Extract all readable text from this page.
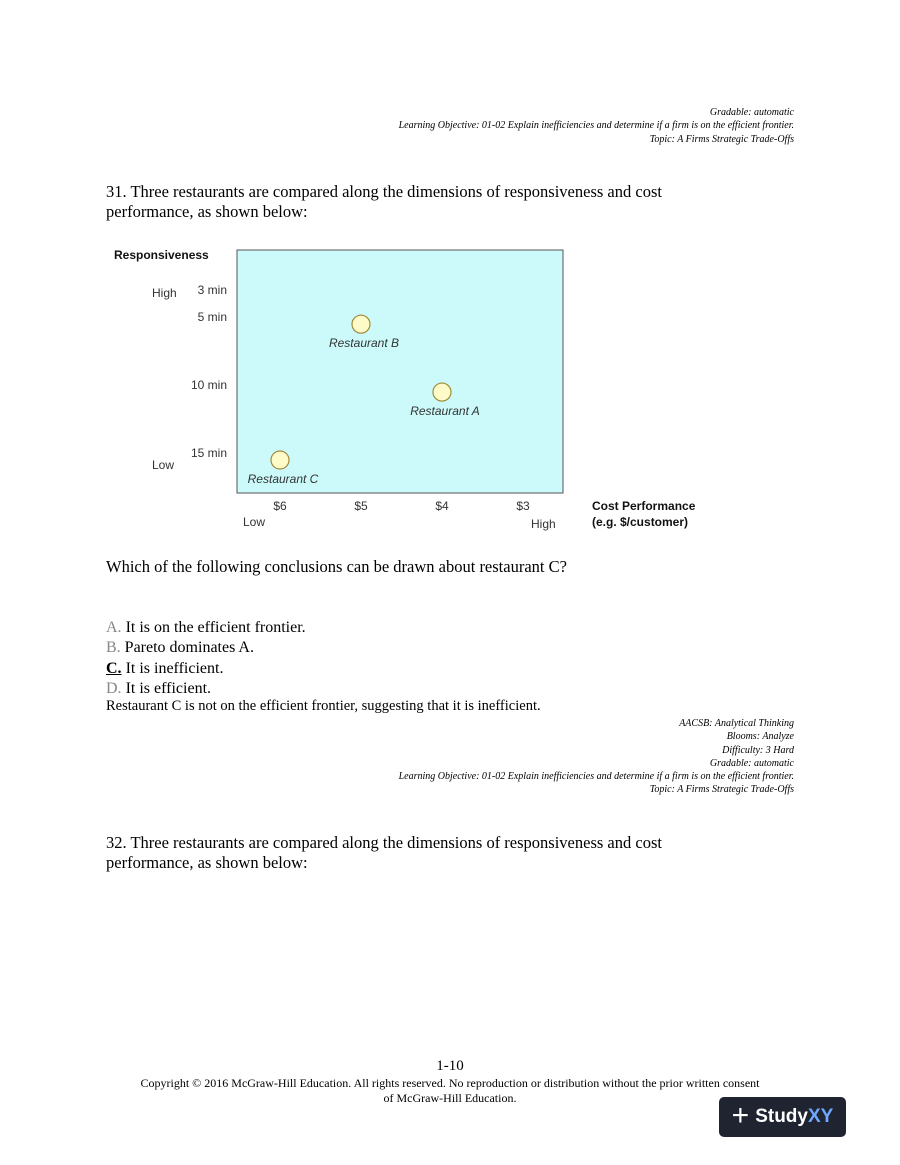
Gradable: automatic
Learning Objective: 01-02 Explain inefficiencies and determine if a firm is on the efficient frontier.
Topic: A Firms Strategic Trade-Offs

31. Three restaurants are compared along the dimensions of responsiveness and cost performance, as shown below:

Responsiveness
High
Low
3 min
5 min
10 min
15 min
$6	$5	$4	$3
Low	High
Cost Performance
(e.g. $/customer)
Restaurant B
Restaurant A
Restaurant C

Which of the following conclusions can be drawn about restaurant C?

A. It is on the efficient frontier.
B. Pareto dominates A.
C. It is inefficient.
D. It is efficient.
Restaurant C is not on the efficient frontier, suggesting that it is inefficient.
AACSB: Analytical Thinking
Blooms: Analyze
Difficulty: 3 Hard
Gradable: automatic
Learning Objective: 01-02 Explain inefficiencies and determine if a firm is on the efficient frontier.
Topic: A Firms Strategic Trade-Offs

32. Three restaurants are compared along the dimensions of responsiveness and cost performance, as shown below:

1-10
Copyright © 2016 McGraw-Hill Education. All rights reserved. No reproduction or distribution without the prior written consent
of McGraw-Hill Education.
+ StudyXY
